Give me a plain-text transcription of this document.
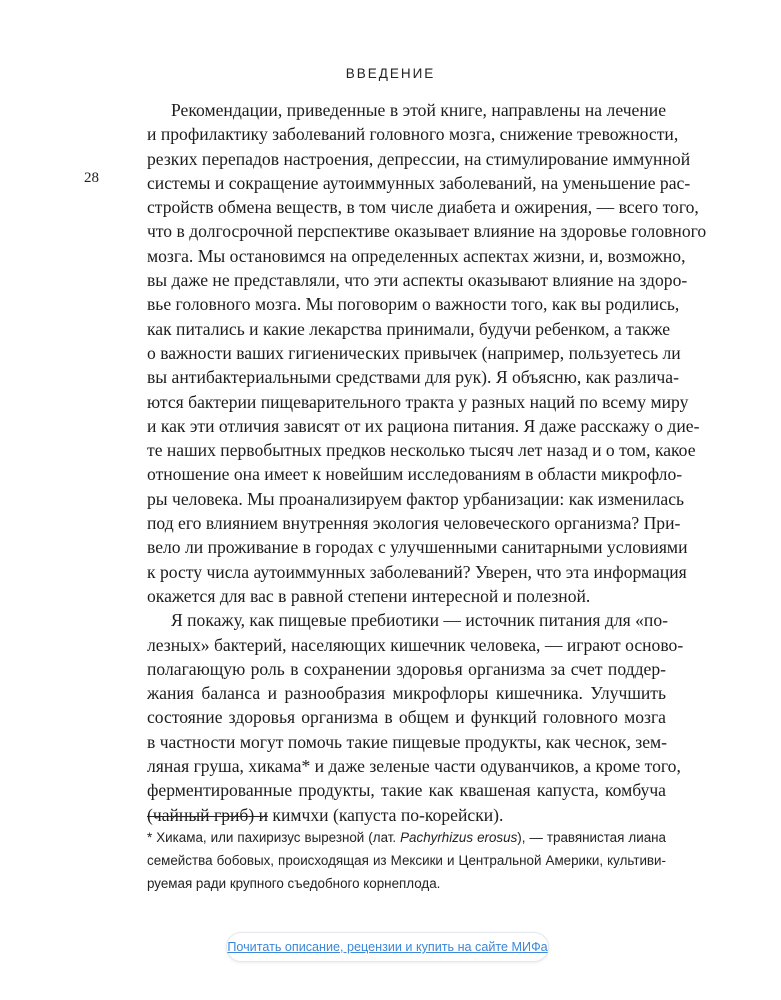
ВВЕДЕНИЕ
28
Рекомендации, приведенные в этой книге, направлены на лечение
и профилактику заболеваний головного мозга, снижение тревожности,
резких перепадов настроения, депрессии, на стимулирование иммунной
системы и сокращение аутоиммунных заболеваний, на уменьшение рас-
стройств обмена веществ, в том числе диабета и ожирения, — всего того,
что в долгосрочной перспективе оказывает влияние на здоровье головного
мозга. Мы остановимся на определенных аспектах жизни, и, возможно,
вы даже не представляли, что эти аспекты оказывают влияние на здоро-
вье головного мозга. Мы поговорим о важности того, как вы родились,
как питались и какие лекарства принимали, будучи ребенком, а также
о важности ваших гигиенических привычек (например, пользуетесь ли
вы антибактериальными средствами для рук). Я объясню, как различа-
ются бактерии пищеварительного тракта у разных наций по всему миру
и как эти отличия зависят от их рациона питания. Я даже расскажу о дие-
те наших первобытных предков несколько тысяч лет назад и о том, какое
отношение она имеет к новейшим исследованиям в области микрофло-
ры человека. Мы проанализируем фактор урбанизации: как изменилась
под его влиянием внутренняя экология человеческого организма? При-
вело ли проживание в городах с улучшенными санитарными условиями
к росту числа аутоиммунных заболеваний? Уверен, что эта информация
окажется для вас в равной степени интересной и полезной.
Я покажу, как пищевые пребиотики — источник питания для «по-
лезных» бактерий, населяющих кишечник человека, — играют осново-
полагающую роль в сохранении здоровья организма за счет поддер-
жания баланса и разнообразия микрофлоры кишечника. Улучшить
состояние здоровья организма в общем и функций головного мозга
в частности могут помочь такие пищевые продукты, как чеснок, зем-
ляная груша, хикама* и даже зеленые части одуванчиков, а кроме того,
ферментированные продукты, такие как квашеная капуста, комбуча
(чайный гриб) и кимчхи (капуста по-корейски).
* Хикама, или пахиризус вырезной (лат. Pachyrhizus erosus), — травянистая лиана
семейства бобовых, происходящая из Мексики и Центральной Америки, культиви-
руемая ради крупного съедобного корнеплода.
Почитать описание, рецензии и купить на сайте МИФа
